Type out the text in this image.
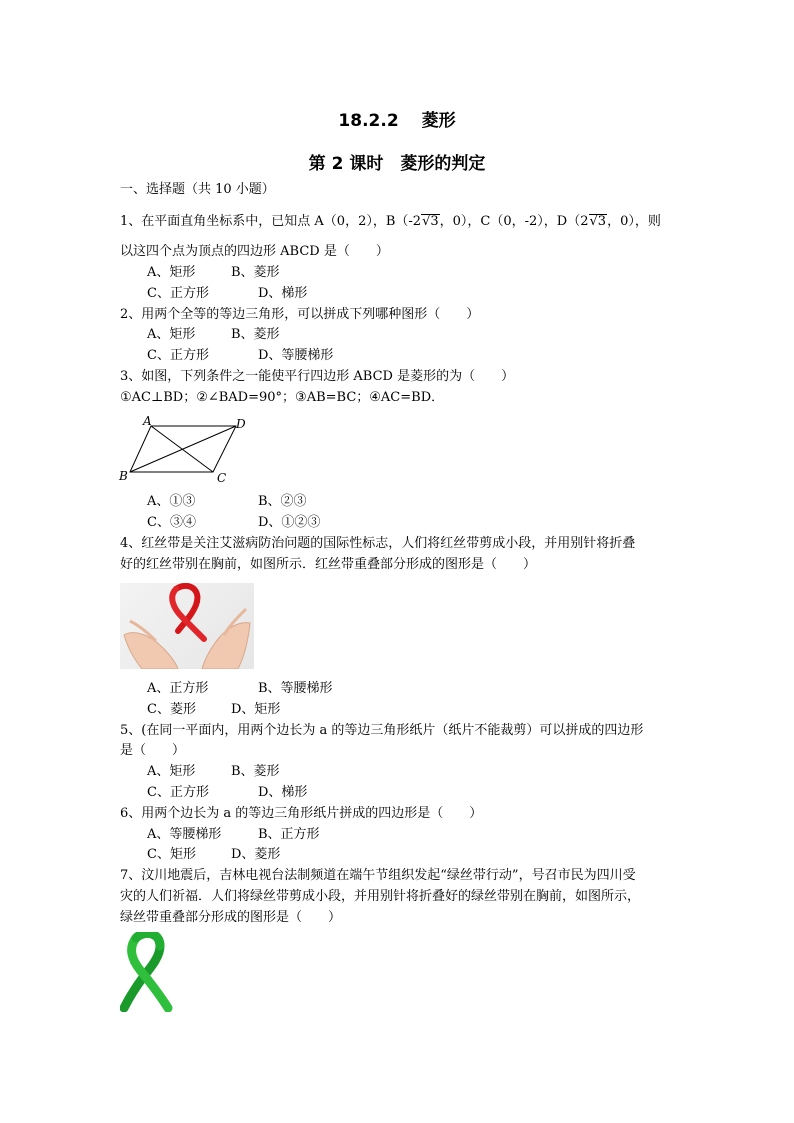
18.2.2　 菱形
第 2 课时　菱形的判定
一、选择题（共 10 小题）
1、在平面直角坐标系中，已知点 A（0，2），B（-2√3，0），C（0，-2），D（2√3，0），则
以这四个点为顶点的四边形 ABCD 是（　　）
A、矩形	B、菱形
C、正方形	D、梯形
2、用两个全等的等边三角形，可以拼成下列哪种图形（　　）
A、矩形	B、菱形
C、正方形	D、等腰梯形
3、如图，下列条件之一能使平行四边形 ABCD 是菱形的为（　　）
①AC⊥BD；②∠BAD=90°；③AB=BC；④AC=BD．
A	D
B	C
A、①③	B、②③
C、③④	D、①②③
4、红丝带是关注艾滋病防治问题的国际性标志，人们将红丝带剪成小段，并用别针将折叠
好的红丝带别在胸前，如图所示．红丝带重叠部分形成的图形是（　　）
A、正方形	B、等腰梯形
C、菱形	D、矩形
5、(在同一平面内，用两个边长为 a 的等边三角形纸片（纸片不能裁剪）可以拼成的四边形
是（　　）
A、矩形	B、菱形
C、正方形	D、梯形
6、用两个边长为 a 的等边三角形纸片拼成的四边形是（　　）
A、等腰梯形	B、正方形
C、矩形	D、菱形
7、汶川地震后，吉林电视台法制频道在端午节组织发起“绿丝带行动”，号召市民为四川受
灾的人们祈福．人们将绿丝带剪成小段，并用别针将折叠好的绿丝带别在胸前，如图所示，
绿丝带重叠部分形成的图形是（　　）
